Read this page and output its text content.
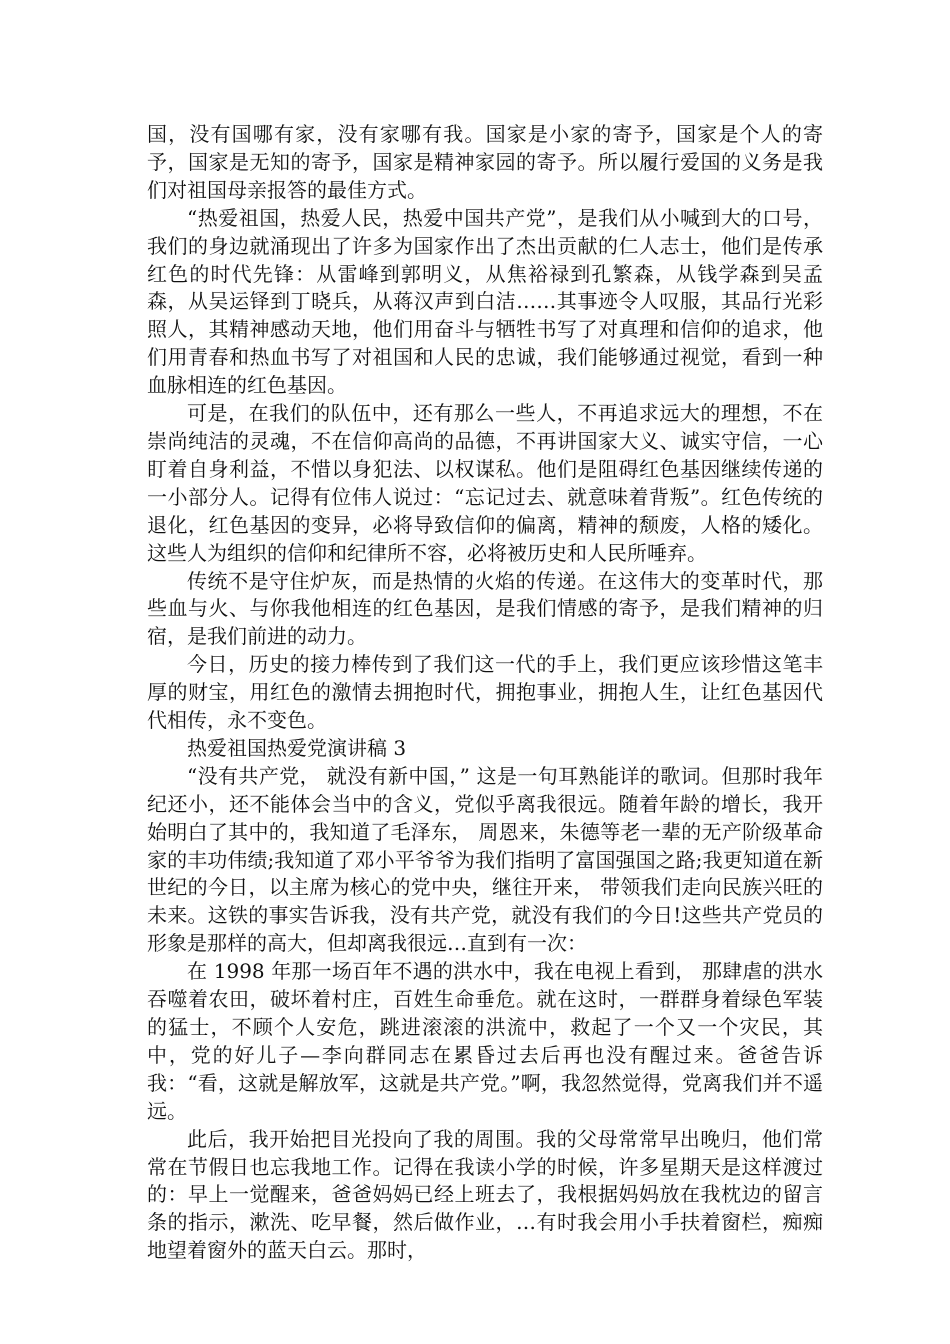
国，没有国哪有家，没有家哪有我。国家是小家的寄予，国家是个人的寄予，国家是无知的寄予，国家是精神家园的寄予。所以履行爱国的义务是我们对祖国母亲报答的最佳方式。

“热爱祖国，热爱人民，热爱中国共产党”，是我们从小喊到大的口号，我们的身边就涌现出了许多为国家作出了杰出贡献的仁人志士，他们是传承红色的时代先锋：从雷峰到郭明义，从焦裕禄到孔繁森，从钱学森到吴孟森，从吴运铎到丁晓兵，从蒋汉声到白洁……其事迹令人叹服，其品行光彩照人，其精神感动天地，他们用奋斗与牺牲书写了对真理和信仰的追求，他们用青春和热血书写了对祖国和人民的忠诚，我们能够通过视觉，看到一种血脉相连的红色基因。

可是，在我们的队伍中，还有那么一些人，不再追求远大的理想，不在崇尚纯洁的灵魂，不在信仰高尚的品德，不再讲国家大义、诚实守信，一心盯着自身利益，不惜以身犯法、以权谋私。他们是阻碍红色基因继续传递的一小部分人。记得有位伟人说过：“忘记过去、就意味着背叛”。红色传统的退化，红色基因的变异，必将导致信仰的偏离，精神的颓废，人格的矮化。这些人为组织的信仰和纪律所不容，必将被历史和人民所唾弃。

传统不是守住炉灰，而是热情的火焰的传递。在这伟大的变革时代，那些血与火、与你我他相连的红色基因，是我们情感的寄予，是我们精神的归宿，是我们前进的动力。

今日，历史的接力棒传到了我们这一代的手上，我们更应该珍惜这笔丰厚的财宝，用红色的激情去拥抱时代，拥抱事业，拥抱人生，让红色基因代代相传，永不变色。

热爱祖国热爱党演讲稿 3

“没有共产党， 就没有新中国，” 这是一句耳熟能详的歌词。但那时我年纪还小，还不能体会当中的含义，党似乎离我很远。随着年龄的增长，我开始明白了其中的，我知道了毛泽东， 周恩来，朱德等老一辈的无产阶级革命家的丰功伟绩;我知道了邓小平爷爷为我们指明了富国强国之路;我更知道在新世纪的今日，以主席为核心的党中央，继往开来， 带领我们走向民族兴旺的未来。这铁的事实告诉我，没有共产党，就没有我们的今日!这些共产党员的形象是那样的高大，但却离我很远…直到有一次：

在 1998 年那一场百年不遇的洪水中，我在电视上看到， 那肆虐的洪水吞噬着农田，破坏着村庄，百姓生命垂危。就在这时，一群群身着绿色军装的猛士，不顾个人安危，跳进滚滚的洪流中，救起了一个又一个灾民，其中，党的好儿子—李向群同志在累昏过去后再也没有醒过来。爸爸告诉我：“看，这就是解放军，这就是共产党。”啊，我忽然觉得，党离我们并不遥远。

此后，我开始把目光投向了我的周围。我的父母常常早出晚归，他们常常在节假日也忘我地工作。记得在我读小学的时候，许多星期天是这样渡过的：早上一觉醒来，爸爸妈妈已经上班去了，我根据妈妈放在我枕边的留言条的指示，漱洗、吃早餐，然后做作业，…有时我会用小手扶着窗栏，痴痴地望着窗外的蓝天白云。那时，
